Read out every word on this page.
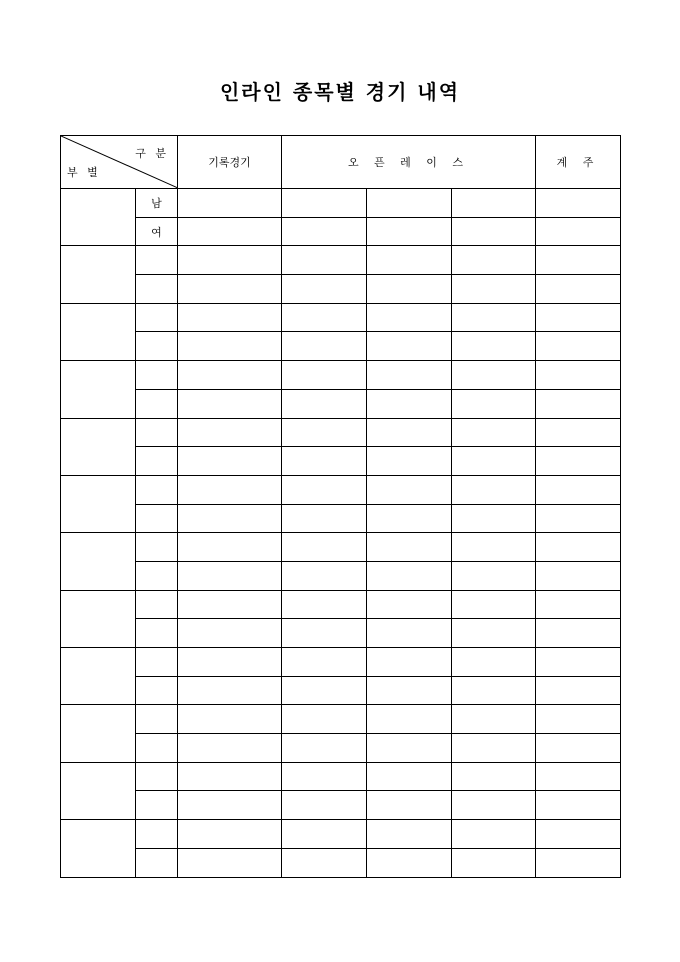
인라인 종목별 경기 내역
구 분
부 별		기록경기	오 픈 레 이 스			계 주
	남					
	여					
